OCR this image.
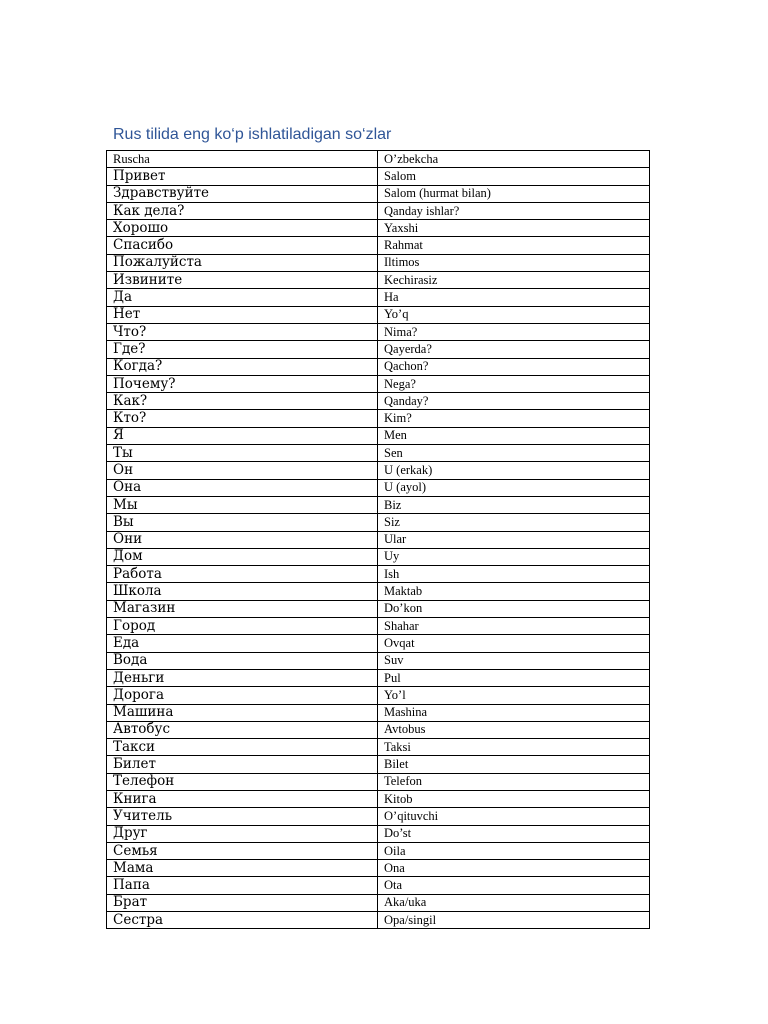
Rus tilida eng ko‘p ishlatiladigan so‘zlar
Ruscha	O’zbekcha
Привет	Salom
Здравствуйте	Salom (hurmat bilan)
Как дела?	Qanday ishlar?
Хорошо	Yaxshi
Спасибо	Rahmat
Пожалуйста	Iltimos
Извините	Kechirasiz
Да	Ha
Нет	Yo’q
Что?	Nima?
Где?	Qayerda?
Когда?	Qachon?
Почему?	Nega?
Как?	Qanday?
Кто?	Kim?
Я	Men
Ты	Sen
Он	U (erkak)
Она	U (ayol)
Мы	Biz
Вы	Siz
Они	Ular
Дом	Uy
Работа	Ish
Школа	Maktab
Магазин	Do’kon
Город	Shahar
Еда	Ovqat
Вода	Suv
Деньги	Pul
Дорога	Yo’l
Машина	Mashina
Автобус	Avtobus
Такси	Taksi
Билет	Bilet
Телефон	Telefon
Книга	Kitob
Учитель	O’qituvchi
Друг	Do’st
Семья	Oila
Мама	Ona
Папа	Ota
Брат	Aka/uka
Сестра	Opa/singil
